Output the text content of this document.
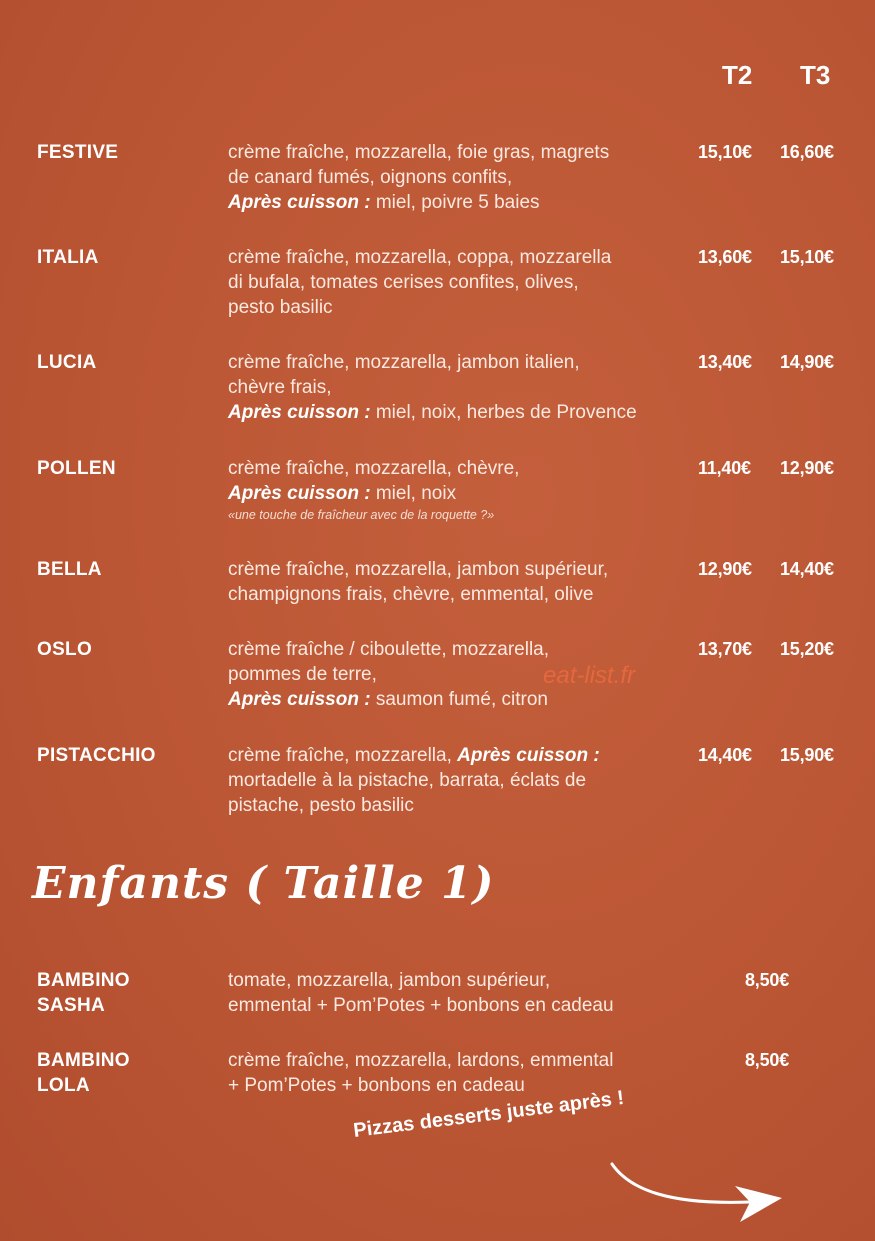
T2 T3
FESTIVE	crème fraîche, mozzarella, foie gras, magrets
de canard fumés, oignons confits,
Après cuisson : miel, poivre 5 baies
15,10€ 16,60€
ITALIA	crème fraîche, mozzarella, coppa, mozzarella
di bufala, tomates cerises confites, olives,
pesto basilic
13,60€ 15,10€
LUCIA	crème fraîche, mozzarella, jambon italien,
chèvre frais,
Après cuisson : miel, noix, herbes de Provence
13,40€ 14,90€
POLLEN	crème fraîche, mozzarella, chèvre,
Après cuisson : miel, noix
«une touche de fraîcheur avec de la roquette ?»
11,40€ 12,90€
BELLA	crème fraîche, mozzarella, jambon supérieur,
champignons frais, chèvre, emmental, olive
12,90€ 14,40€
OSLO	crème fraîche / ciboulette, mozzarella,
pommes de terre,
Après cuisson : saumon fumé, citron
13,70€ 15,20€
eat-list.fr
PISTACCHIO	crème fraîche, mozzarella, Après cuisson :
mortadelle à la pistache, barrata, éclats de
pistache, pesto basilic
14,40€ 15,90€
Enfants ( Taille 1)
BAMBINO
SASHA
tomate, mozzarella, jambon supérieur,
emmental + Pom’Potes + bonbons en cadeau
8,50€
BAMBINO
LOLA
crème fraîche, mozzarella, lardons, emmental
+ Pom’Potes + bonbons en cadeau
8,50€
Pizzas desserts juste après !
